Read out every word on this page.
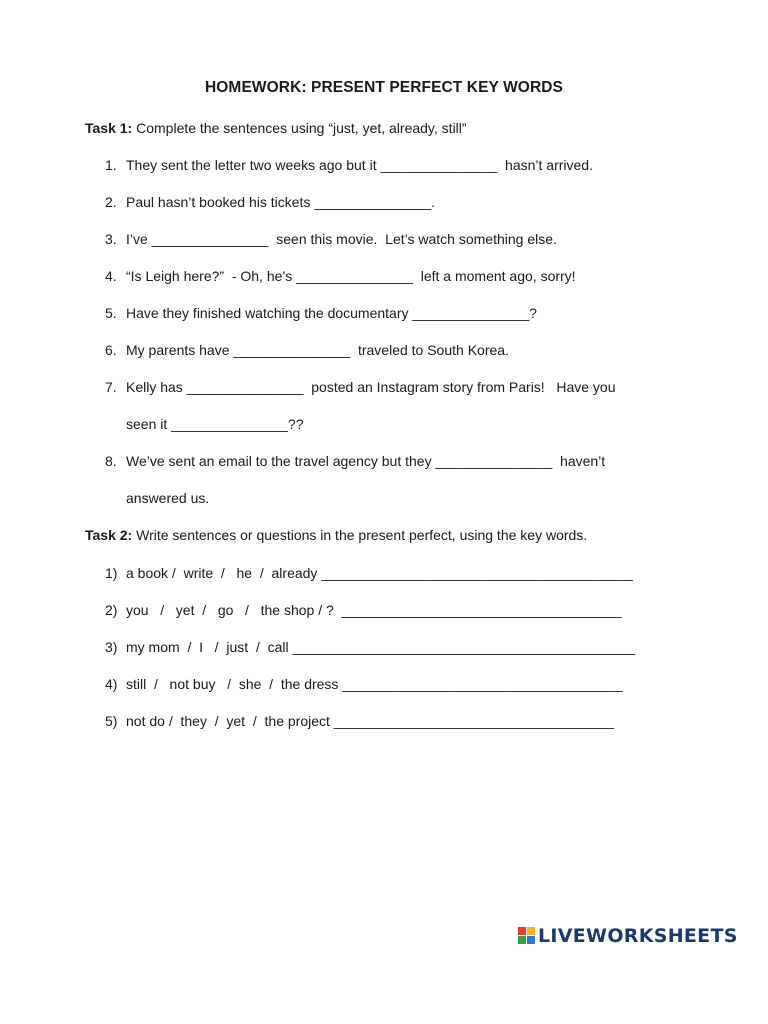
HOMEWORK: PRESENT PERFECT KEY WORDS
Task 1: Complete the sentences using “just, yet, already, still”
1. They sent the letter two weeks ago but it _______________  hasn’t arrived.
2. Paul hasn’t booked his tickets _______________.
3. I’ve _______________  seen this movie.  Let’s watch something else.
4. “Is Leigh here?”  - Oh, he’s _______________  left a moment ago, sorry!
5. Have they finished watching the documentary _______________?
6. My parents have _______________  traveled to South Korea.
7. Kelly has _______________  posted an Instagram story from Paris!   Have you
seen it _______________??
8. We’ve sent an email to the travel agency but they _______________  haven’t
answered us.
Task 2: Write sentences or questions in the present perfect, using the key words.
1) a book /  write  /   he  /  already ________________________________________
2) you   /   yet  /   go   /   the shop / ?  ____________________________________
3) my mom  /  I   /  just  /  call ____________________________________________
4) still  /   not buy   /  she  /  the dress ____________________________________
5) not do /  they  /  yet  /  the project ____________________________________
LIVEWORKSHEETS
